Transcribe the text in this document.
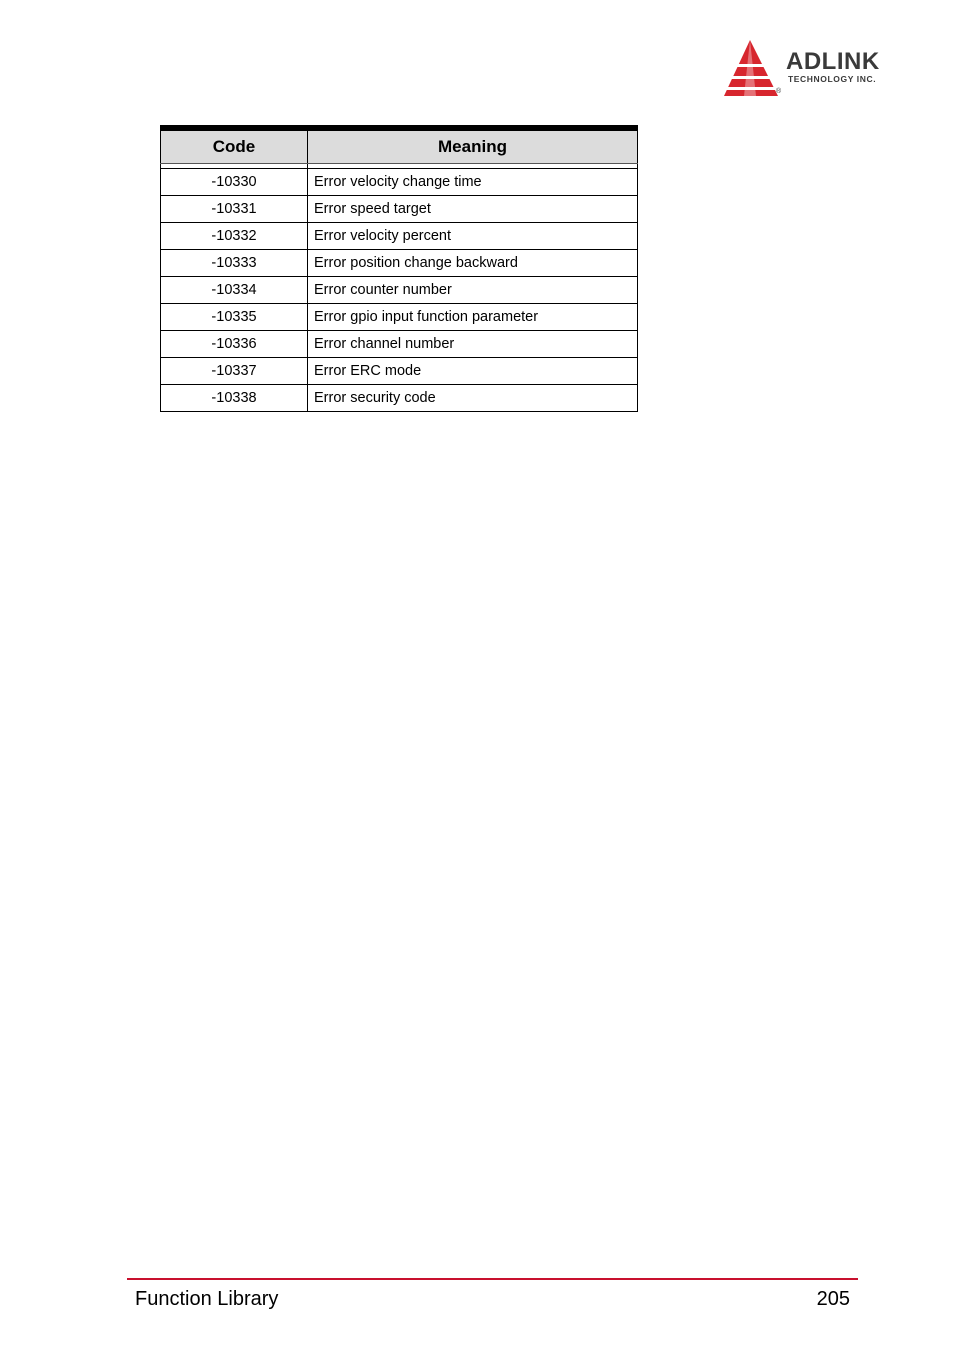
ADLINK
TECHNOLOGY INC.
®
Code	Meaning

-10330	Error velocity change time
-10331	Error speed target
-10332	Error velocity percent
-10333	Error position change backward
-10334	Error counter number
-10335	Error gpio input function parameter
-10336	Error channel number
-10337	Error ERC mode
-10338	Error security code
Function Library	205
